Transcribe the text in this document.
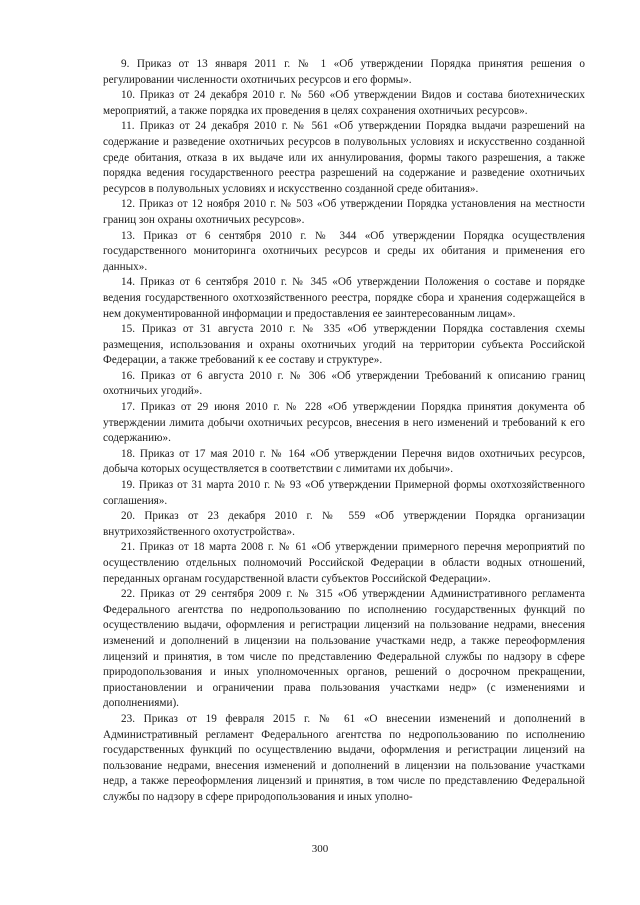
9. Приказ от 13 января 2011 г. № 1 «Об утверждении Порядка принятия решения о регулировании численности охотничьих ресурсов и его формы».

10. Приказ от 24 декабря 2010 г. № 560 «Об утверждении Видов и состава биотехнических мероприятий, а также порядка их проведения в целях сохранения охотничьих ресурсов».

11. Приказ от 24 декабря 2010 г. № 561 «Об утверждении Порядка выдачи разрешений на содержание и разведение охотничьих ресурсов в полувольных условиях и искусственно созданной среде обитания, отказа в их выдаче или их аннулирования, формы такого разрешения, а также порядка ведения государственного реестра разрешений на содержание и разведение охотничьих ресурсов в полувольных условиях и искусственно созданной среде обитания».

12. Приказ от 12 ноября 2010 г. № 503 «Об утверждении Порядка установления на местности границ зон охраны охотничьих ресурсов».

13. Приказ от 6 сентября 2010 г. № 344 «Об утверждении Порядка осуществления государственного мониторинга охотничьих ресурсов и среды их обитания и применения его данных».

14. Приказ от 6 сентября 2010 г. № 345 «Об утверждении Положения о составе и порядке ведения государственного охотхозяйственного реестра, порядке сбора и хранения содержащейся в нем документированной информации и предоставления ее заинтересованным лицам».

15. Приказ от 31 августа 2010 г. № 335 «Об утверждении Порядка составления схемы размещения, использования и охраны охотничьих угодий на территории субъекта Российской Федерации, а также требований к ее составу и структуре».

16. Приказ от 6 августа 2010 г. № 306 «Об утверждении Требований к описанию границ охотничьих угодий».

17. Приказ от 29 июня 2010 г. № 228 «Об утверждении Порядка принятия документа об утверждении лимита добычи охотничьих ресурсов, внесения в него изменений и требований к его содержанию».

18. Приказ от 17 мая 2010 г. № 164 «Об утверждении Перечня видов охотничьих ресурсов, добыча которых осуществляется в соответствии с лимитами их добычи».

19. Приказ от 31 марта 2010 г. № 93 «Об утверждении Примерной формы охотхозяйственного соглашения».

20. Приказ от 23 декабря 2010 г. № 559 «Об утверждении Порядка организации внутрихозяйственного охотустройства».

21. Приказ от 18 марта 2008 г. № 61 «Об утверждении примерного перечня мероприятий по осуществлению отдельных полномочий Российской Федерации в области водных отношений, переданных органам государственной власти субъектов Российской Федерации».

22. Приказ от 29 сентября 2009 г. № 315 «Об утверждении Административного регламента Федерального агентства по недропользованию по исполнению государственных функций по осуществлению выдачи, оформления и регистрации лицензий на пользование недрами, внесения изменений и дополнений в лицензии на пользование участками недр, а также переоформления лицензий и принятия, в том числе по представлению Федеральной службы по надзору в сфере природопользования и иных уполномоченных органов, решений о досрочном прекращении, приостановлении и ограничении права пользования участками недр» (с изменениями и дополнениями).

23. Приказ от 19 февраля 2015 г. № 61 «О внесении изменений и дополнений в Административный регламент Федерального агентства по недропользованию по исполнению государственных функций по осуществлению выдачи, оформления и регистрации лицензий на пользование недрами, внесения изменений и дополнений в лицензии на пользование участками недр, а также переоформления лицензий и принятия, в том числе по представлению Федеральной службы по надзору в сфере природопользования и иных уполно-

300
